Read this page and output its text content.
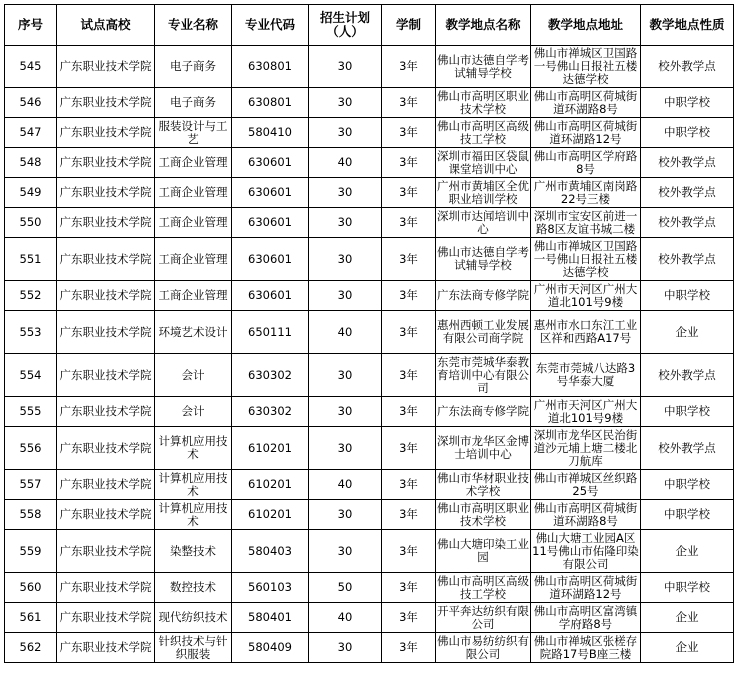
序号	试点高校	专业名称	专业代码	招生计划（人）	学制	教学地点名称	教学地点地址	教学地点性质
545	广东职业技术学院	电子商务	630801	30	3年	佛山市达德自学考试辅导学校	佛山市禅城区卫国路一号佛山日报社五楼达德学校	校外教学点
546	广东职业技术学院	电子商务	630801	30	3年	佛山市高明区职业技术学校	佛山市高明区荷城街道环湖路8号	中职学校
547	广东职业技术学院	服装设计与工艺	580410	30	3年	佛山市高明区高级技工学校	佛山市高明区荷城街道环湖路12号	中职学校
548	广东职业技术学院	工商企业管理	630601	40	3年	深圳市福田区袋鼠课堂培训中心	佛山市高明区学府路8号	校外教学点
549	广东职业技术学院	工商企业管理	630601	30	3年	广州市黄埔区全优职业培训学校	广州市黄埔区南岗路22号三楼	校外教学点
550	广东职业技术学院	工商企业管理	630601	30	3年	深圳市达闻培训中心	深圳市宝安区前进一路8区友谊书城二楼	校外教学点
551	广东职业技术学院	工商企业管理	630601	30	3年	佛山市达德自学考试辅导学校	佛山市禅城区卫国路一号佛山日报社五楼达德学校	校外教学点
552	广东职业技术学院	工商企业管理	630601	30	3年	广东法商专修学院	广州市天河区广州大道北101号9楼	中职学校
553	广东职业技术学院	环境艺术设计	650111	40	3年	惠州西顿工业发展有限公司商学院	惠州市水口东江工业区祥和西路A17号	企业
554	广东职业技术学院	会计	630302	30	3年	东莞市莞城华泰教育培训中心有限公司	东莞市莞城八达路3号华泰大厦	校外教学点
555	广东职业技术学院	会计	630302	30	3年	广东法商专修学院	广州市天河区广州大道北101号9楼	中职学校
556	广东职业技术学院	计算机应用技术	610201	30	3年	深圳市龙华区金博士培训中心	深圳市龙华区民治街道沙元埔上塘二楼北刀航库	校外教学点
557	广东职业技术学院	计算机应用技术	610201	40	3年	佛山市华材职业技术学校	佛山市禅城区丝织路25号	中职学校
558	广东职业技术学院	计算机应用技术	610201	30	3年	佛山市高明区职业技术学校	佛山市高明区荷城街道环湖路8号	中职学校
559	广东职业技术学院	染整技术	580403	30	3年	佛山大塘印染工业园	佛山大塘工业园A区11号佛山市佑隆印染有限公司	企业
560	广东职业技术学院	数控技术	560103	50	3年	佛山市高明区高级技工学校	佛山市高明区荷城街道环湖路12号	中职学校
561	广东职业技术学院	现代纺织技术	580401	40	3年	开平奔达纺织有限公司	佛山市高明区富湾镇学府路8号	企业
562	广东职业技术学院	针织技术与针织服装	580409	30	3年	佛山市易纺纺织有限公司	佛山市禅城区张槎存院路17号B座三楼	企业
